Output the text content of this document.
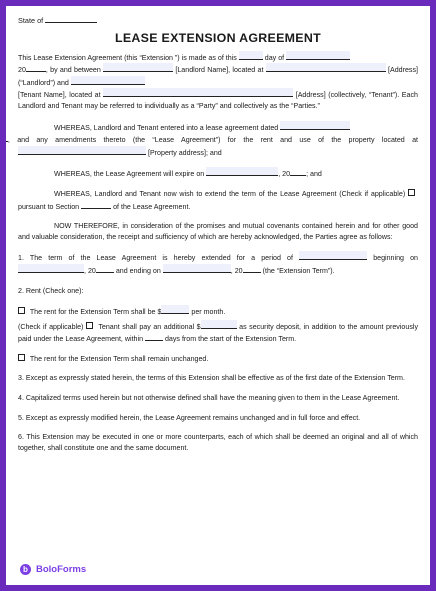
State of
LEASE EXTENSION AGREEMENT

This Lease Extension Agreement (this “Extension ”) is made as of this	day of
20	, by and between	[Landlord Name], located at	[Address] (“Landlord”) and
[Tenant Name], located at	[Address] (collectively, “Tenant”). Each Landlord and Tenant may be referred to individually as a “Party” and collectively as the “Parties.”

WHEREAS, Landlord and Tenant entered into a lease agreement dated
, and any amendments thereto (the “Lease Agreement”) for the rent and use of the property located at  [Property address]; and

WHEREAS, the Lease Agreement will expire on	, 20 ; and

WHEREAS, Landlord and Tenant now wish to extend the term of the Lease Agreement (Check if applicable) pursuant to Section	of the Lease Agreement.

NOW THEREFORE, in consideration of the promises and mutual covenants contained herein and for other good and valuable consideration, the receipt and sufficiency of which are hereby acknowledged, the Parties agree as follows:

1. The term of the Lease Agreement is hereby extended for a period of	beginning on , 20	and ending on	, 20	(the “Extension Term”).

2. Rent (Check one):

The rent for the Extension Term shall be $	per month.

(Check if applicable) Tenant shall pay an additional $	as security deposit, in addition to the amount previously paid under the Lease Agreement, within	days from the start of the Extension Term.

The rent for the Extension Term shall remain unchanged.

3. Except as expressly stated herein, the terms of this Extension shall be effective as of the first date of the Extension Term.

4. Capitalized terms used herein but not otherwise defined shall have the meaning given to them in the Lease Agreement.

5. Except as expressly modified herein, the Lease Agreement remains unchanged and in full force and effect.

6. This Extension may be executed in one or more counterparts, each of which shall be deemed an original and all of which together, shall constitute one and the same document.

b BoloForms
